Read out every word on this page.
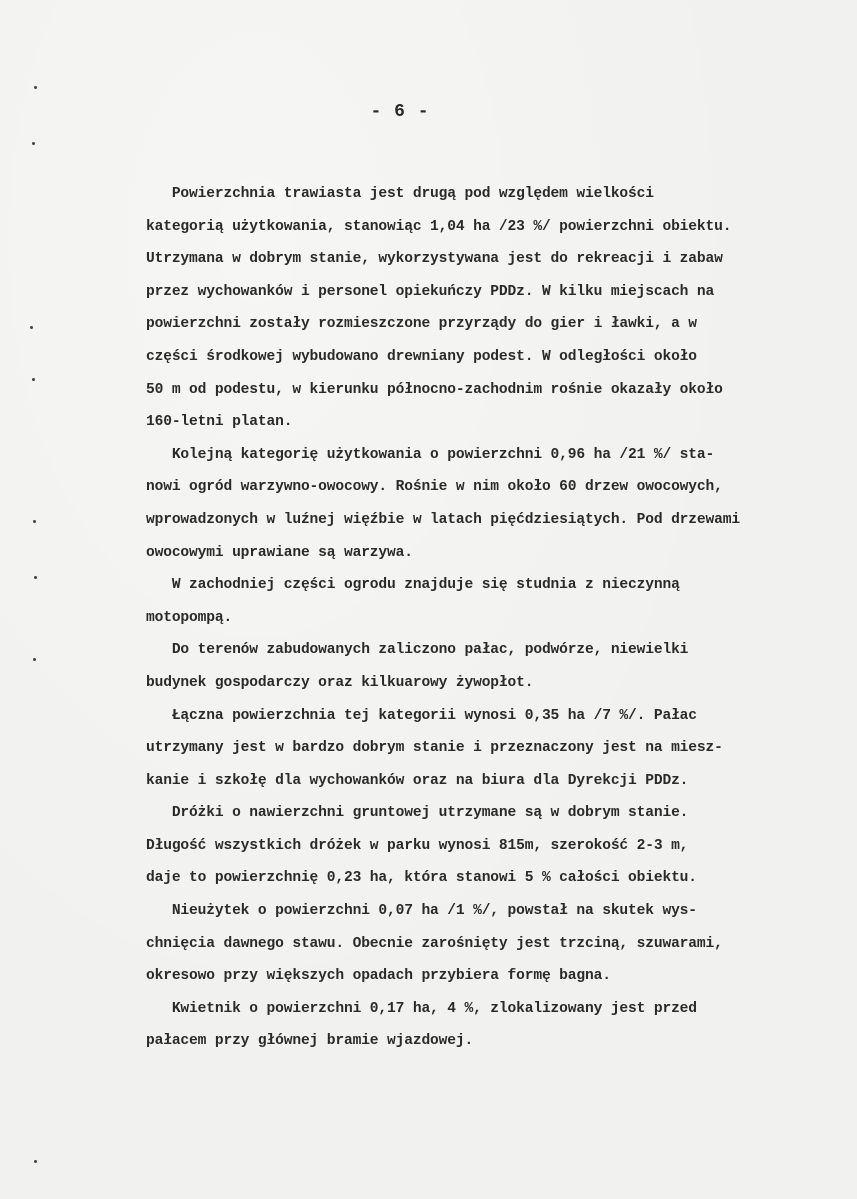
- 6 -
Powierzchnia trawiasta jest drugą pod względem wielkości
kategorią użytkowania, stanowiąc 1,04 ha /23 %/ powierzchni obiektu.
Utrzymana w dobrym stanie, wykorzystywana jest do rekreacji i zabaw
przez wychowanków i personel opiekuńczy PDDz. W kilku miejscach na
powierzchni zostały rozmieszczone przyrządy do gier i ławki, a w
części środkowej wybudowano drewniany podest. W odległości około
50 m od podestu, w kierunku północno-zachodnim rośnie okazały około
160-letni platan.
Kolejną kategorię użytkowania o powierzchni 0,96 ha /21 %/ sta-
nowi ogród warzywno-owocowy. Rośnie w nim około 60 drzew owocowych,
wprowadzonych w luźnej więźbie w latach pięćdziesiątych. Pod drzewami
owocowymi uprawiane są warzywa.
W zachodniej części ogrodu znajduje się studnia z nieczynną
motopompą.
Do terenów zabudowanych zaliczono pałac, podwórze, niewielki
budynek gospodarczy oraz kilkuarowy żywopłot.
Łączna powierzchnia tej kategorii wynosi 0,35 ha /7 %/. Pałac
utrzymany jest w bardzo dobrym stanie i przeznaczony jest na miesz-
kanie i szkołę dla wychowanków oraz na biura dla Dyrekcji PDDz.
Dróżki o nawierzchni gruntowej utrzymane są w dobrym stanie.
Długość wszystkich dróżek w parku wynosi 815m, szerokość 2-3 m,
daje to powierzchnię 0,23 ha, która stanowi 5 % całości obiektu.
Nieużytek o powierzchni 0,07 ha /1 %/, powstał na skutek wys-
chnięcia dawnego stawu. Obecnie zarośnięty jest trzciną, szuwarami,
okresowo przy większych opadach przybiera formę bagna.
Kwietnik o powierzchni 0,17 ha, 4 %, zlokalizowany jest przed
pałacem przy głównej bramie wjazdowej.
